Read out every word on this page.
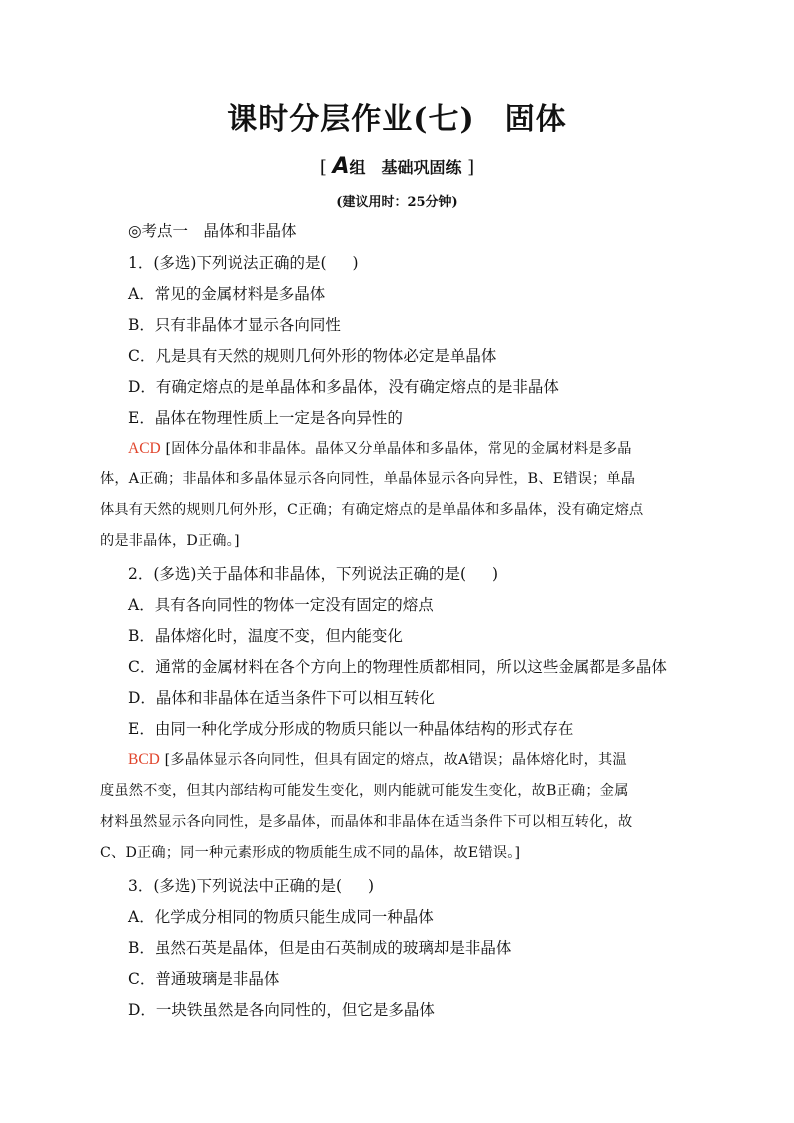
课时分层作业(七) 固体
[ A组　基础巩固练 ]
(建议用时：25分钟)
◎考点一　晶体和非晶体
1．(多选)下列说法正确的是( )
A．常见的金属材料是多晶体
B．只有非晶体才显示各向同性
C．凡是具有天然的规则几何外形的物体必定是单晶体
D．有确定熔点的是单晶体和多晶体，没有确定熔点的是非晶体
E．晶体在物理性质上一定是各向异性的
ACD [固体分晶体和非晶体。晶体又分单晶体和多晶体，常见的金属材料是多晶
体，A正确；非晶体和多晶体显示各向同性，单晶体显示各向异性，B、E错误；单晶
体具有天然的规则几何外形，C正确；有确定熔点的是单晶体和多晶体，没有确定熔点
的是非晶体，D正确。]
2．(多选)关于晶体和非晶体，下列说法正确的是( )
A．具有各向同性的物体一定没有固定的熔点
B．晶体熔化时，温度不变，但内能变化
C．通常的金属材料在各个方向上的物理性质都相同，所以这些金属都是多晶体
D．晶体和非晶体在适当条件下可以相互转化
E．由同一种化学成分形成的物质只能以一种晶体结构的形式存在
BCD [多晶体显示各向同性，但具有固定的熔点，故A错误；晶体熔化时，其温
度虽然不变，但其内部结构可能发生变化，则内能就可能发生变化，故B正确；金属
材料虽然显示各向同性，是多晶体，而晶体和非晶体在适当条件下可以相互转化，故
C、D正确；同一种元素形成的物质能生成不同的晶体，故E错误。]
3．(多选)下列说法中正确的是( )
A．化学成分相同的物质只能生成同一种晶体
B．虽然石英是晶体，但是由石英制成的玻璃却是非晶体
C．普通玻璃是非晶体
D．一块铁虽然是各向同性的，但它是多晶体
